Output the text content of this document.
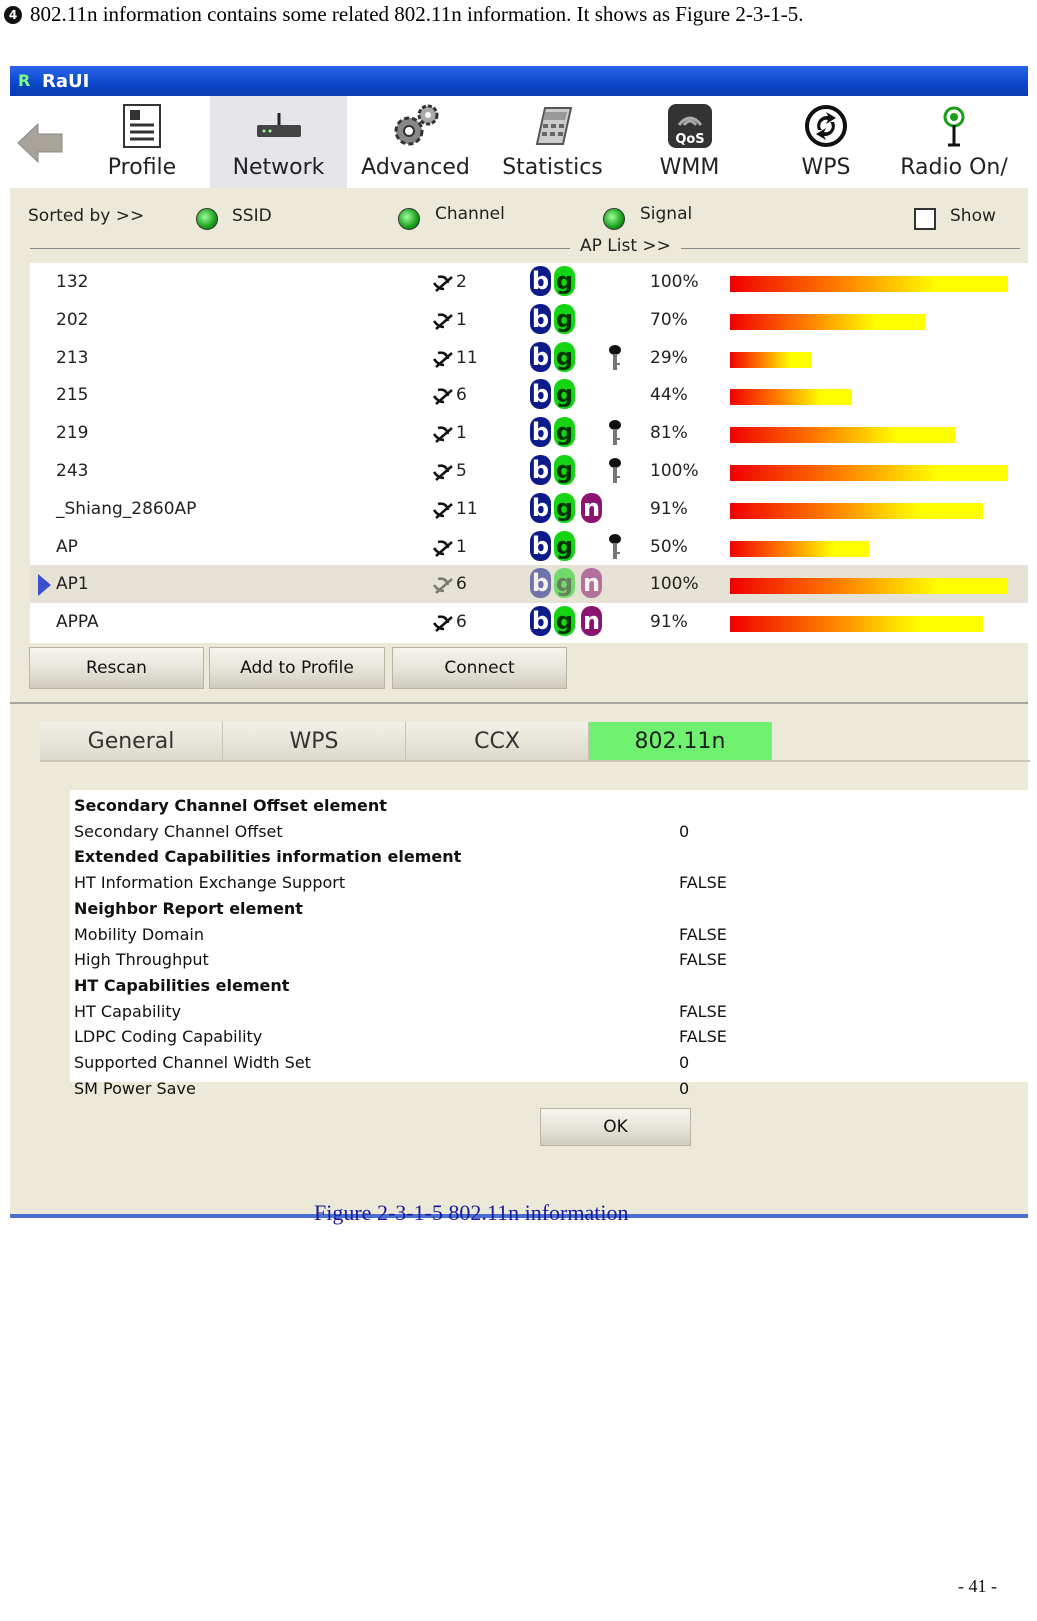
4 802.11n information contains some related 802.11n information. It shows as Figure 2-3-1-5.
R RaUI
Profile	Network Advanced Statistics
QoS
WMM	WPS Radio On/
Sorted by >>	SSID	Channel	Signal	Show
AP List >>
132	2	b g	100%
202	1	b g	70%
213	11 b g	29%
215	6	b g	44%
219	1	b g	81%
243	5	b g	100%
_Shiang_2860AP	11 b g n	91%
AP	1	b g	50%
AP1	6	b g n	100%
APPA	6	b g n	91%
Rescan	Add to Profile	Connect
General	WPS	CCX	802.11n
Secondary Channel Offset element
Secondary Channel Offset	0
Extended Capabilities information element
HT Information Exchange Support	FALSE
Neighbor Report element
Mobility Domain	FALSE
High Throughput	FALSE
HT Capabilities element
HT Capability	FALSE
LDPC Coding Capability	FALSE
Supported Channel Width Set	0
SM Power Save	0
OK
Figure 2-3-1-5 802.11n information
- 41 -
